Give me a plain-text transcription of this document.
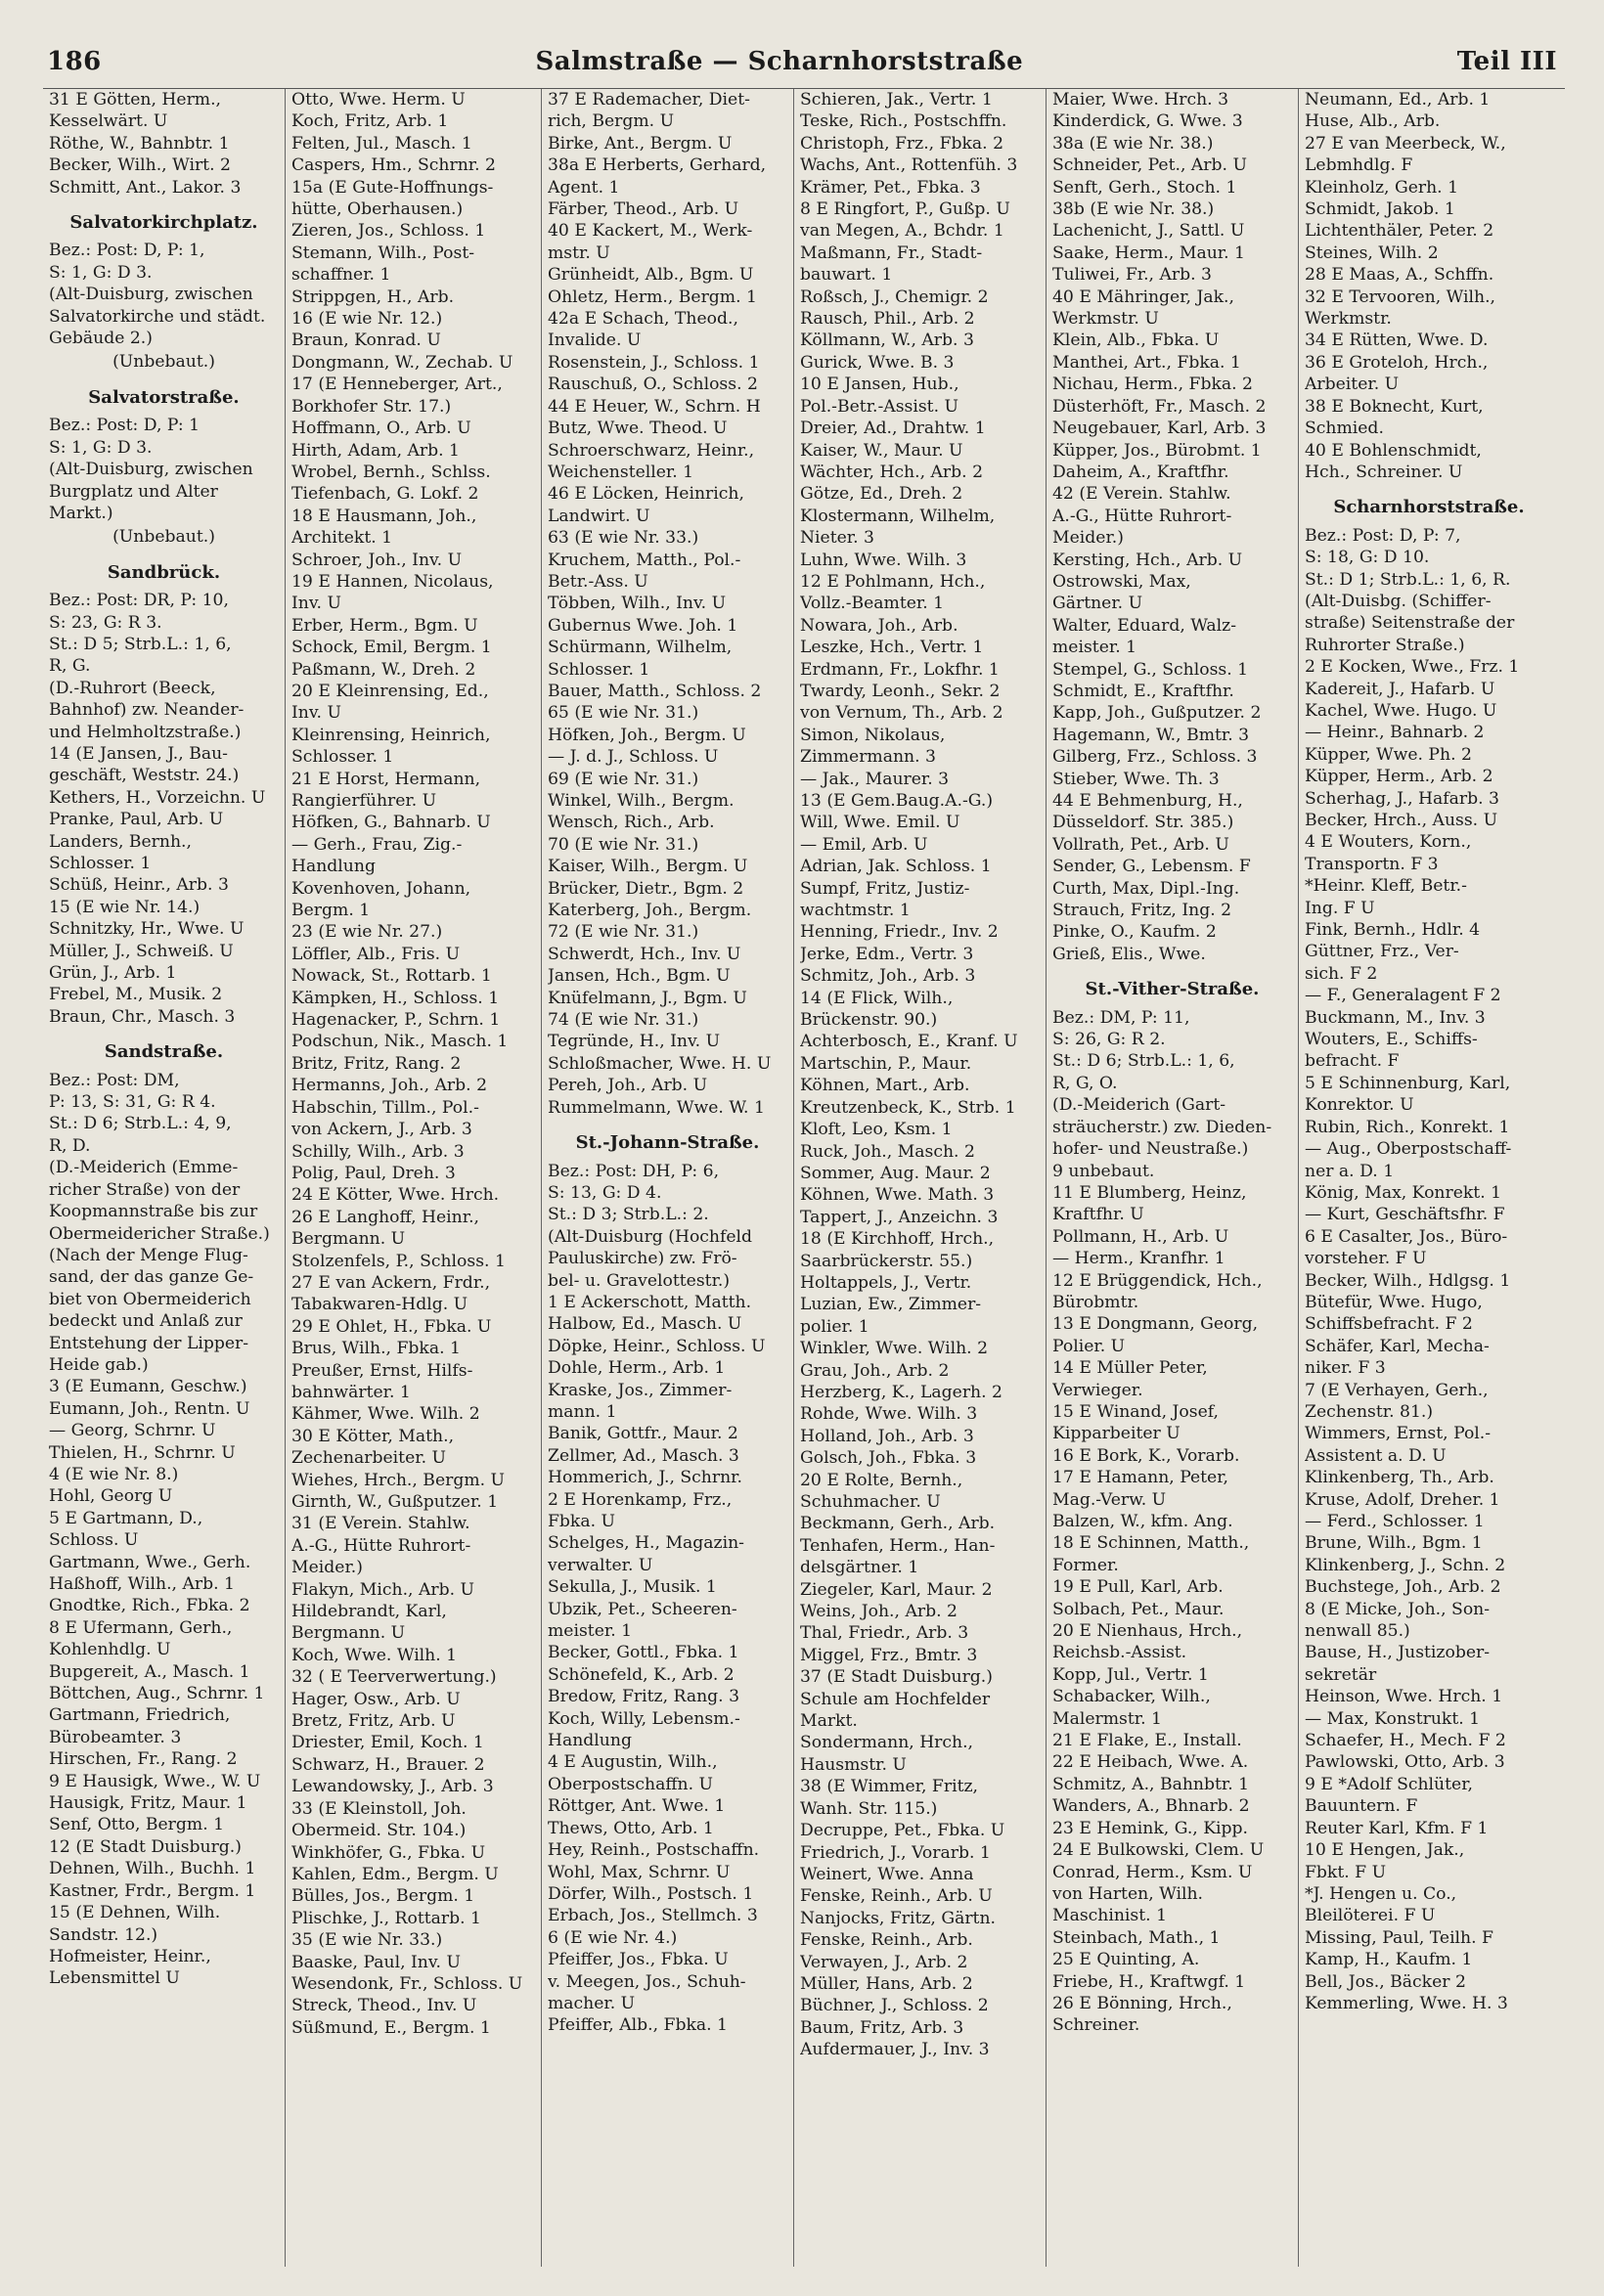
186	Salmstraße — Scharnhorststraße	Teil III
31 E Götten, Herm.,
Kesselwärt. U
Röthe, W., Bahnbtr. 1
Becker, Wilh., Wirt. 2
Schmitt, Ant., Lakor. 3
Salvatorkirchplatz.
Bez.: Post: D, P: 1,
S: 1, G: D 3.
(Alt-Duisburg, zwischen
Salvatorkirche und städt.
Gebäude 2.)
(Unbebaut.)
Salvatorstraße.
Bez.: Post: D, P: 1
S: 1, G: D 3.
(Alt-Duisburg, zwischen
Burgplatz und Alter
Markt.)
(Unbebaut.)
Sandbrück.
Bez.: Post: DR, P: 10,
S: 23, G: R 3.
St.: D 5; Strb.L.: 1, 6,
R, G.
(D.-Ruhrort (Beeck,
Bahnhof) zw. Neander-
und Helmholtzstraße.)
14 (E Jansen, J., Bau-
geschäft, Weststr. 24.)
Kethers, H., Vorzeichn. U
Pranke, Paul, Arb. U
Landers, Bernh.,
Schlosser. 1
Schüß, Heinr., Arb. 3
15 (E wie Nr. 14.)
Schnitzky, Hr., Wwe. U
Müller, J., Schweiß. U
Grün, J., Arb. 1
Frebel, M., Musik. 2
Braun, Chr., Masch. 3
Sandstraße.
Bez.: Post: DM,
P: 13, S: 31, G: R 4.
St.: D 6; Strb.L.: 4, 9,
R, D.
(D.-Meiderich (Emme-
richer Straße) von der
Koopmannstraße bis zur
Obermeidericher Straße.)
(Nach der Menge Flug-
sand, der das ganze Ge-
biet von Obermeiderich
bedeckt und Anlaß zur
Entstehung der Lipper-
Heide gab.)
3 (E Eumann, Geschw.)
Eumann, Joh., Rentn. U
— Georg, Schrnr. U
Thielen, H., Schrnr. U
4 (E wie Nr. 8.)
Hohl, Georg U
5 E Gartmann, D.,
Schloss. U
Gartmann, Wwe., Gerh.
Haßhoff, Wilh., Arb. 1
Gnodtke, Rich., Fbka. 2
8 E Ufermann, Gerh.,
Kohlenhdlg. U
Bupgereit, A., Masch. 1
Böttchen, Aug., Schrnr. 1
Gartmann, Friedrich,
Bürobeamter. 3
Hirschen, Fr., Rang. 2
9 E Hausigk, Wwe., W. U
Hausigk, Fritz, Maur. 1
Senf, Otto, Bergm. 1
12 (E Stadt Duisburg.)
Dehnen, Wilh., Buchh. 1
Kastner, Frdr., Bergm. 1
15 (E Dehnen, Wilh.
Sandstr. 12.)
Hofmeister, Heinr.,
Lebensmittel U
Otto, Wwe. Herm. U
Koch, Fritz, Arb. 1
Felten, Jul., Masch. 1
Caspers, Hm., Schrnr. 2
15a (E Gute-Hoffnungs-
hütte, Oberhausen.)
Zieren, Jos., Schloss. 1
Stemann, Wilh., Post-
schaffner. 1
Strippgen, H., Arb.
16 (E wie Nr. 12.)
Braun, Konrad. U
Dongmann, W., Zechab. U
17 (E Henneberger, Art.,
Borkhofer Str. 17.)
Hoffmann, O., Arb. U
Hirth, Adam, Arb. 1
Wrobel, Bernh., Schlss.
Tiefenbach, G. Lokf. 2
18 E Hausmann, Joh.,
Architekt. 1
Schroer, Joh., Inv. U
19 E Hannen, Nicolaus,
Inv. U
Erber, Herm., Bgm. U
Schock, Emil, Bergm. 1
Paßmann, W., Dreh. 2
20 E Kleinrensing, Ed.,
Inv. U
Kleinrensing, Heinrich,
Schlosser. 1
21 E Horst, Hermann,
Rangierführer. U
Höfken, G., Bahnarb. U
— Gerh., Frau, Zig.-
Handlung
Kovenhoven, Johann,
Bergm. 1
23 (E wie Nr. 27.)
Löffler, Alb., Fris. U
Nowack, St., Rottarb. 1
Kämpken, H., Schloss. 1
Hagenacker, P., Schrn. 1
Podschun, Nik., Masch. 1
Britz, Fritz, Rang. 2
Hermanns, Joh., Arb. 2
Habschin, Tillm., Pol.-
von Ackern, J., Arb. 3
Schilly, Wilh., Arb. 3
Polig, Paul, Dreh. 3
24 E Kötter, Wwe. Hrch.
26 E Langhoff, Heinr.,
Bergmann. U
Stolzenfels, P., Schloss. 1
27 E van Ackern, Frdr.,
Tabakwaren-Hdlg. U
29 E Ohlet, H., Fbka. U
Brus, Wilh., Fbka. 1
Preußer, Ernst, Hilfs-
bahnwärter. 1
Kähmer, Wwe. Wilh. 2
30 E Kötter, Math.,
Zechenarbeiter. U
Wiehes, Hrch., Bergm. U
Girnth, W., Gußputzer. 1
31 (E Verein. Stahlw.
A.-G., Hütte Ruhrort-
Meider.)
Flakyn, Mich., Arb. U
Hildebrandt, Karl,
Bergmann. U
Koch, Wwe. Wilh. 1
32 ( E Teerverwertung.)
Hager, Osw., Arb. U
Bretz, Fritz, Arb. U
Driester, Emil, Koch. 1
Schwarz, H., Brauer. 2
Lewandowsky, J., Arb. 3
33 (E Kleinstoll, Joh.
Obermeid. Str. 104.)
Winkhöfer, G., Fbka. U
Kahlen, Edm., Bergm. U
Bülles, Jos., Bergm. 1
Plischke, J., Rottarb. 1
35 (E wie Nr. 33.)
Baaske, Paul, Inv. U
Wesendonk, Fr., Schloss. U
Streck, Theod., Inv. U
Süßmund, E., Bergm. 1
37 E Rademacher, Diet-
rich, Bergm. U
Birke, Ant., Bergm. U
38a E Herberts, Gerhard,
Agent. 1
Färber, Theod., Arb. U
40 E Kackert, M., Werk-
mstr. U
Grünheidt, Alb., Bgm. U
Ohletz, Herm., Bergm. 1
42a E Schach, Theod.,
Invalide. U
Rosenstein, J., Schloss. 1
Rauschuß, O., Schloss. 2
44 E Heuer, W., Schrn. H
Butz, Wwe. Theod. U
Schroerschwarz, Heinr.,
Weichensteller. 1
46 E Löcken, Heinrich,
Landwirt. U
63 (E wie Nr. 33.)
Kruchem, Matth., Pol.-
Betr.-Ass. U
Többen, Wilh., Inv. U
Gubernus Wwe. Joh. 1
Schürmann, Wilhelm,
Schlosser. 1
Bauer, Matth., Schloss. 2
65 (E wie Nr. 31.)
Höfken, Joh., Bergm. U
— J. d. J., Schloss. U
69 (E wie Nr. 31.)
Winkel, Wilh., Bergm.
Wensch, Rich., Arb.
70 (E wie Nr. 31.)
Kaiser, Wilh., Bergm. U
Brücker, Dietr., Bgm. 2
Katerberg, Joh., Bergm.
72 (E wie Nr. 31.)
Schwerdt, Hch., Inv. U
Jansen, Hch., Bgm. U
Knüfelmann, J., Bgm. U
74 (E wie Nr. 31.)
Tegründe, H., Inv. U
Schloßmacher, Wwe. H. U
Pereh, Joh., Arb. U
Rummelmann, Wwe. W. 1
St.-Johann-Straße.
Bez.: Post: DH, P: 6,
S: 13, G: D 4.
St.: D 3; Strb.L.: 2.
(Alt-Duisburg (Hochfeld
Pauluskirche) zw. Frö-
bel- u. Gravelottestr.)
1 E Ackerschott, Matth.
Halbow, Ed., Masch. U
Döpke, Heinr., Schloss. U
Dohle, Herm., Arb. 1
Kraske, Jos., Zimmer-
mann. 1
Banik, Gottfr., Maur. 2
Zellmer, Ad., Masch. 3
Hommerich, J., Schrnr.
2 E Horenkamp, Frz.,
Fbka. U
Schelges, H., Magazin-
verwalter. U
Sekulla, J., Musik. 1
Ubzik, Pet., Scheeren-
meister. 1
Becker, Gottl., Fbka. 1
Schönefeld, K., Arb. 2
Bredow, Fritz, Rang. 3
Koch, Willy, Lebensm.-
Handlung
4 E Augustin, Wilh.,
Oberpostschaffn. U
Röttger, Ant. Wwe. 1
Thews, Otto, Arb. 1
Hey, Reinh., Postschaffn.
Wohl, Max, Schrnr. U
Dörfer, Wilh., Postsch. 1
Erbach, Jos., Stellmch. 3
6 (E wie Nr. 4.)
Pfeiffer, Jos., Fbka. U
v. Meegen, Jos., Schuh-
macher. U
Pfeiffer, Alb., Fbka. 1
Schieren, Jak., Vertr. 1
Teske, Rich., Postschffn.
Christoph, Frz., Fbka. 2
Wachs, Ant., Rottenfüh. 3
Krämer, Pet., Fbka. 3
8 E Ringfort, P., Gußp. U
van Megen, A., Bchdr. 1
Maßmann, Fr., Stadt-
bauwart. 1
Roßsch, J., Chemigr. 2
Rausch, Phil., Arb. 2
Köllmann, W., Arb. 3
Gurick, Wwe. B. 3
10 E Jansen, Hub.,
Pol.-Betr.-Assist. U
Dreier, Ad., Drahtw. 1
Kaiser, W., Maur. U
Wächter, Hch., Arb. 2
Götze, Ed., Dreh. 2
Klostermann, Wilhelm,
Nieter. 3
Luhn, Wwe. Wilh. 3
12 E Pohlmann, Hch.,
Vollz.-Beamter. 1
Nowara, Joh., Arb.
Leszke, Hch., Vertr. 1
Erdmann, Fr., Lokfhr. 1
Twardy, Leonh., Sekr. 2
von Vernum, Th., Arb. 2
Simon, Nikolaus,
Zimmermann. 3
— Jak., Maurer. 3
13 (E Gem.Baug.A.-G.)
Will, Wwe. Emil. U
— Emil, Arb. U
Adrian, Jak. Schloss. 1
Sumpf, Fritz, Justiz-
wachtmstr. 1
Henning, Friedr., Inv. 2
Jerke, Edm., Vertr. 3
Schmitz, Joh., Arb. 3
14 (E Flick, Wilh.,
Brückenstr. 90.)
Achterbosch, E., Kranf. U
Martschin, P., Maur.
Köhnen, Mart., Arb.
Kreutzenbeck, K., Strb. 1
Kloft, Leo, Ksm. 1
Ruck, Joh., Masch. 2
Sommer, Aug. Maur. 2
Köhnen, Wwe. Math. 3
Tappert, J., Anzeichn. 3
18 (E Kirchhoff, Hrch.,
Saarbrückerstr. 55.)
Holtappels, J., Vertr.
Luzian, Ew., Zimmer-
polier. 1
Winkler, Wwe. Wilh. 2
Grau, Joh., Arb. 2
Herzberg, K., Lagerh. 2
Rohde, Wwe. Wilh. 3
Holland, Joh., Arb. 3
Golsch, Joh., Fbka. 3
20 E Rolte, Bernh.,
Schuhmacher. U
Beckmann, Gerh., Arb.
Tenhafen, Herm., Han-
delsgärtner. 1
Ziegeler, Karl, Maur. 2
Weins, Joh., Arb. 2
Thal, Friedr., Arb. 3
Miggel, Frz., Bmtr. 3
37 (E Stadt Duisburg.)
Schule am Hochfelder
Markt.
Sondermann, Hrch.,
Hausmstr. U
38 (E Wimmer, Fritz,
Wanh. Str. 115.)
Decruppe, Pet., Fbka. U
Friedrich, J., Vorarb. 1
Weinert, Wwe. Anna
Fenske, Reinh., Arb. U
Nanjocks, Fritz, Gärtn.
Fenske, Reinh., Arb.
Verwayen, J., Arb. 2
Müller, Hans, Arb. 2
Büchner, J., Schloss. 2
Baum, Fritz, Arb. 3
Aufdermauer, J., Inv. 3
Maier, Wwe. Hrch. 3
Kinderdick, G. Wwe. 3
38a (E wie Nr. 38.)
Schneider, Pet., Arb. U
Senft, Gerh., Stoch. 1
38b (E wie Nr. 38.)
Lachenicht, J., Sattl. U
Saake, Herm., Maur. 1
Tuliwei, Fr., Arb. 3
40 E Mähringer, Jak.,
Werkmstr. U
Klein, Alb., Fbka. U
Manthei, Art., Fbka. 1
Nichau, Herm., Fbka. 2
Düsterhöft, Fr., Masch. 2
Neugebauer, Karl, Arb. 3
Küpper, Jos., Bürobmt. 1
Daheim, A., Kraftfhr.
42 (E Verein. Stahlw.
A.-G., Hütte Ruhrort-
Meider.)
Kersting, Hch., Arb. U
Ostrowski, Max,
Gärtner. U
Walter, Eduard, Walz-
meister. 1
Stempel, G., Schloss. 1
Schmidt, E., Kraftfhr.
Kapp, Joh., Gußputzer. 2
Hagemann, W., Bmtr. 3
Gilberg, Frz., Schloss. 3
Stieber, Wwe. Th. 3
44 E Behmenburg, H.,
Düsseldorf. Str. 385.)
Vollrath, Pet., Arb. U
Sender, G., Lebensm. F
Curth, Max, Dipl.-Ing.
Strauch, Fritz, Ing. 2
Pinke, O., Kaufm. 2
Grieß, Elis., Wwe.
St.-Vither-Straße.
Bez.: DM, P: 11,
S: 26, G: R 2.
St.: D 6; Strb.L.: 1, 6,
R, G, O.
(D.-Meiderich (Gart-
sträucherstr.) zw. Dieden-
hofer- und Neustraße.)
9 unbebaut.
11 E Blumberg, Heinz,
Kraftfhr. U
Pollmann, H., Arb. U
— Herm., Kranfhr. 1
12 E Brüggendick, Hch.,
Bürobmtr.
13 E Dongmann, Georg,
Polier. U
14 E Müller Peter,
Verwieger.
15 E Winand, Josef,
Kipparbeiter U
16 E Bork, K., Vorarb.
17 E Hamann, Peter,
Mag.-Verw. U
Balzen, W., kfm. Ang.
18 E Schinnen, Matth.,
Former.
19 E Pull, Karl, Arb.
Solbach, Pet., Maur.
20 E Nienhaus, Hrch.,
Reichsb.-Assist.
Kopp, Jul., Vertr. 1
Schabacker, Wilh.,
Malermstr. 1
21 E Flake, E., Install.
22 E Heibach, Wwe. A.
Schmitz, A., Bahnbtr. 1
Wanders, A., Bhnarb. 2
23 E Hemink, G., Kipp.
24 E Bulkowski, Clem. U
Conrad, Herm., Ksm. U
von Harten, Wilh.
Maschinist. 1
Steinbach, Math., 1
25 E Quinting, A.
Friebe, H., Kraftwgf. 1
26 E Bönning, Hrch.,
Schreiner.
Neumann, Ed., Arb. 1
Huse, Alb., Arb.
27 E van Meerbeck, W.,
Lebmhdlg. F
Kleinholz, Gerh. 1
Schmidt, Jakob. 1
Lichtenthäler, Peter. 2
Steines, Wilh. 2
28 E Maas, A., Schffn.
32 E Tervooren, Wilh.,
Werkmstr.
34 E Rütten, Wwe. D.
36 E Groteloh, Hrch.,
Arbeiter. U
38 E Boknecht, Kurt,
Schmied.
40 E Bohlenschmidt,
Hch., Schreiner. U
Scharnhorststraße.
Bez.: Post: D, P: 7,
S: 18, G: D 10.
St.: D 1; Strb.L.: 1, 6, R.
(Alt-Duisbg. (Schiffer-
straße) Seitenstraße der
Ruhrorter Straße.)
2 E Kocken, Wwe., Frz. 1
Kadereit, J., Hafarb. U
Kachel, Wwe. Hugo. U
— Heinr., Bahnarb. 2
Küpper, Wwe. Ph. 2
Küpper, Herm., Arb. 2
Scherhag, J., Hafarb. 3
Becker, Hrch., Auss. U
4 E Wouters, Korn.,
Transportn. F 3
*Heinr. Kleff, Betr.-
Ing. F U
Fink, Bernh., Hdlr. 4
Güttner, Frz., Ver-
sich. F 2
— F., Generalagent F 2
Buckmann, M., Inv. 3
Wouters, E., Schiffs-
befracht. F
5 E Schinnenburg, Karl,
Konrektor. U
Rubin, Rich., Konrekt. 1
— Aug., Oberpostschaff-
ner a. D. 1
König, Max, Konrekt. 1
— Kurt, Geschäftsfhr. F
6 E Casalter, Jos., Büro-
vorsteher. F U
Becker, Wilh., Hdlgsg. 1
Bütefür, Wwe. Hugo,
Schiffsbefracht. F 2
Schäfer, Karl, Mecha-
niker. F 3
7 (E Verhayen, Gerh.,
Zechenstr. 81.)
Wimmers, Ernst, Pol.-
Assistent a. D. U
Klinkenberg, Th., Arb.
Kruse, Adolf, Dreher. 1
— Ferd., Schlosser. 1
Brune, Wilh., Bgm. 1
Klinkenberg, J., Schn. 2
Buchstege, Joh., Arb. 2
8 (E Micke, Joh., Son-
nenwall 85.)
Bause, H., Justizober-
sekretär
Heinson, Wwe. Hrch. 1
— Max, Konstrukt. 1
Schaefer, H., Mech. F 2
Pawlowski, Otto, Arb. 3
9 E *Adolf Schlüter,
Bauuntern. F
Reuter Karl, Kfm. F 1
10 E Hengen, Jak.,
Fbkt. F U
*J. Hengen u. Co.,
Bleilöterei. F U
Missing, Paul, Teilh. F
Kamp, H., Kaufm. 1
Bell, Jos., Bäcker 2
Kemmerling, Wwe. H. 3
